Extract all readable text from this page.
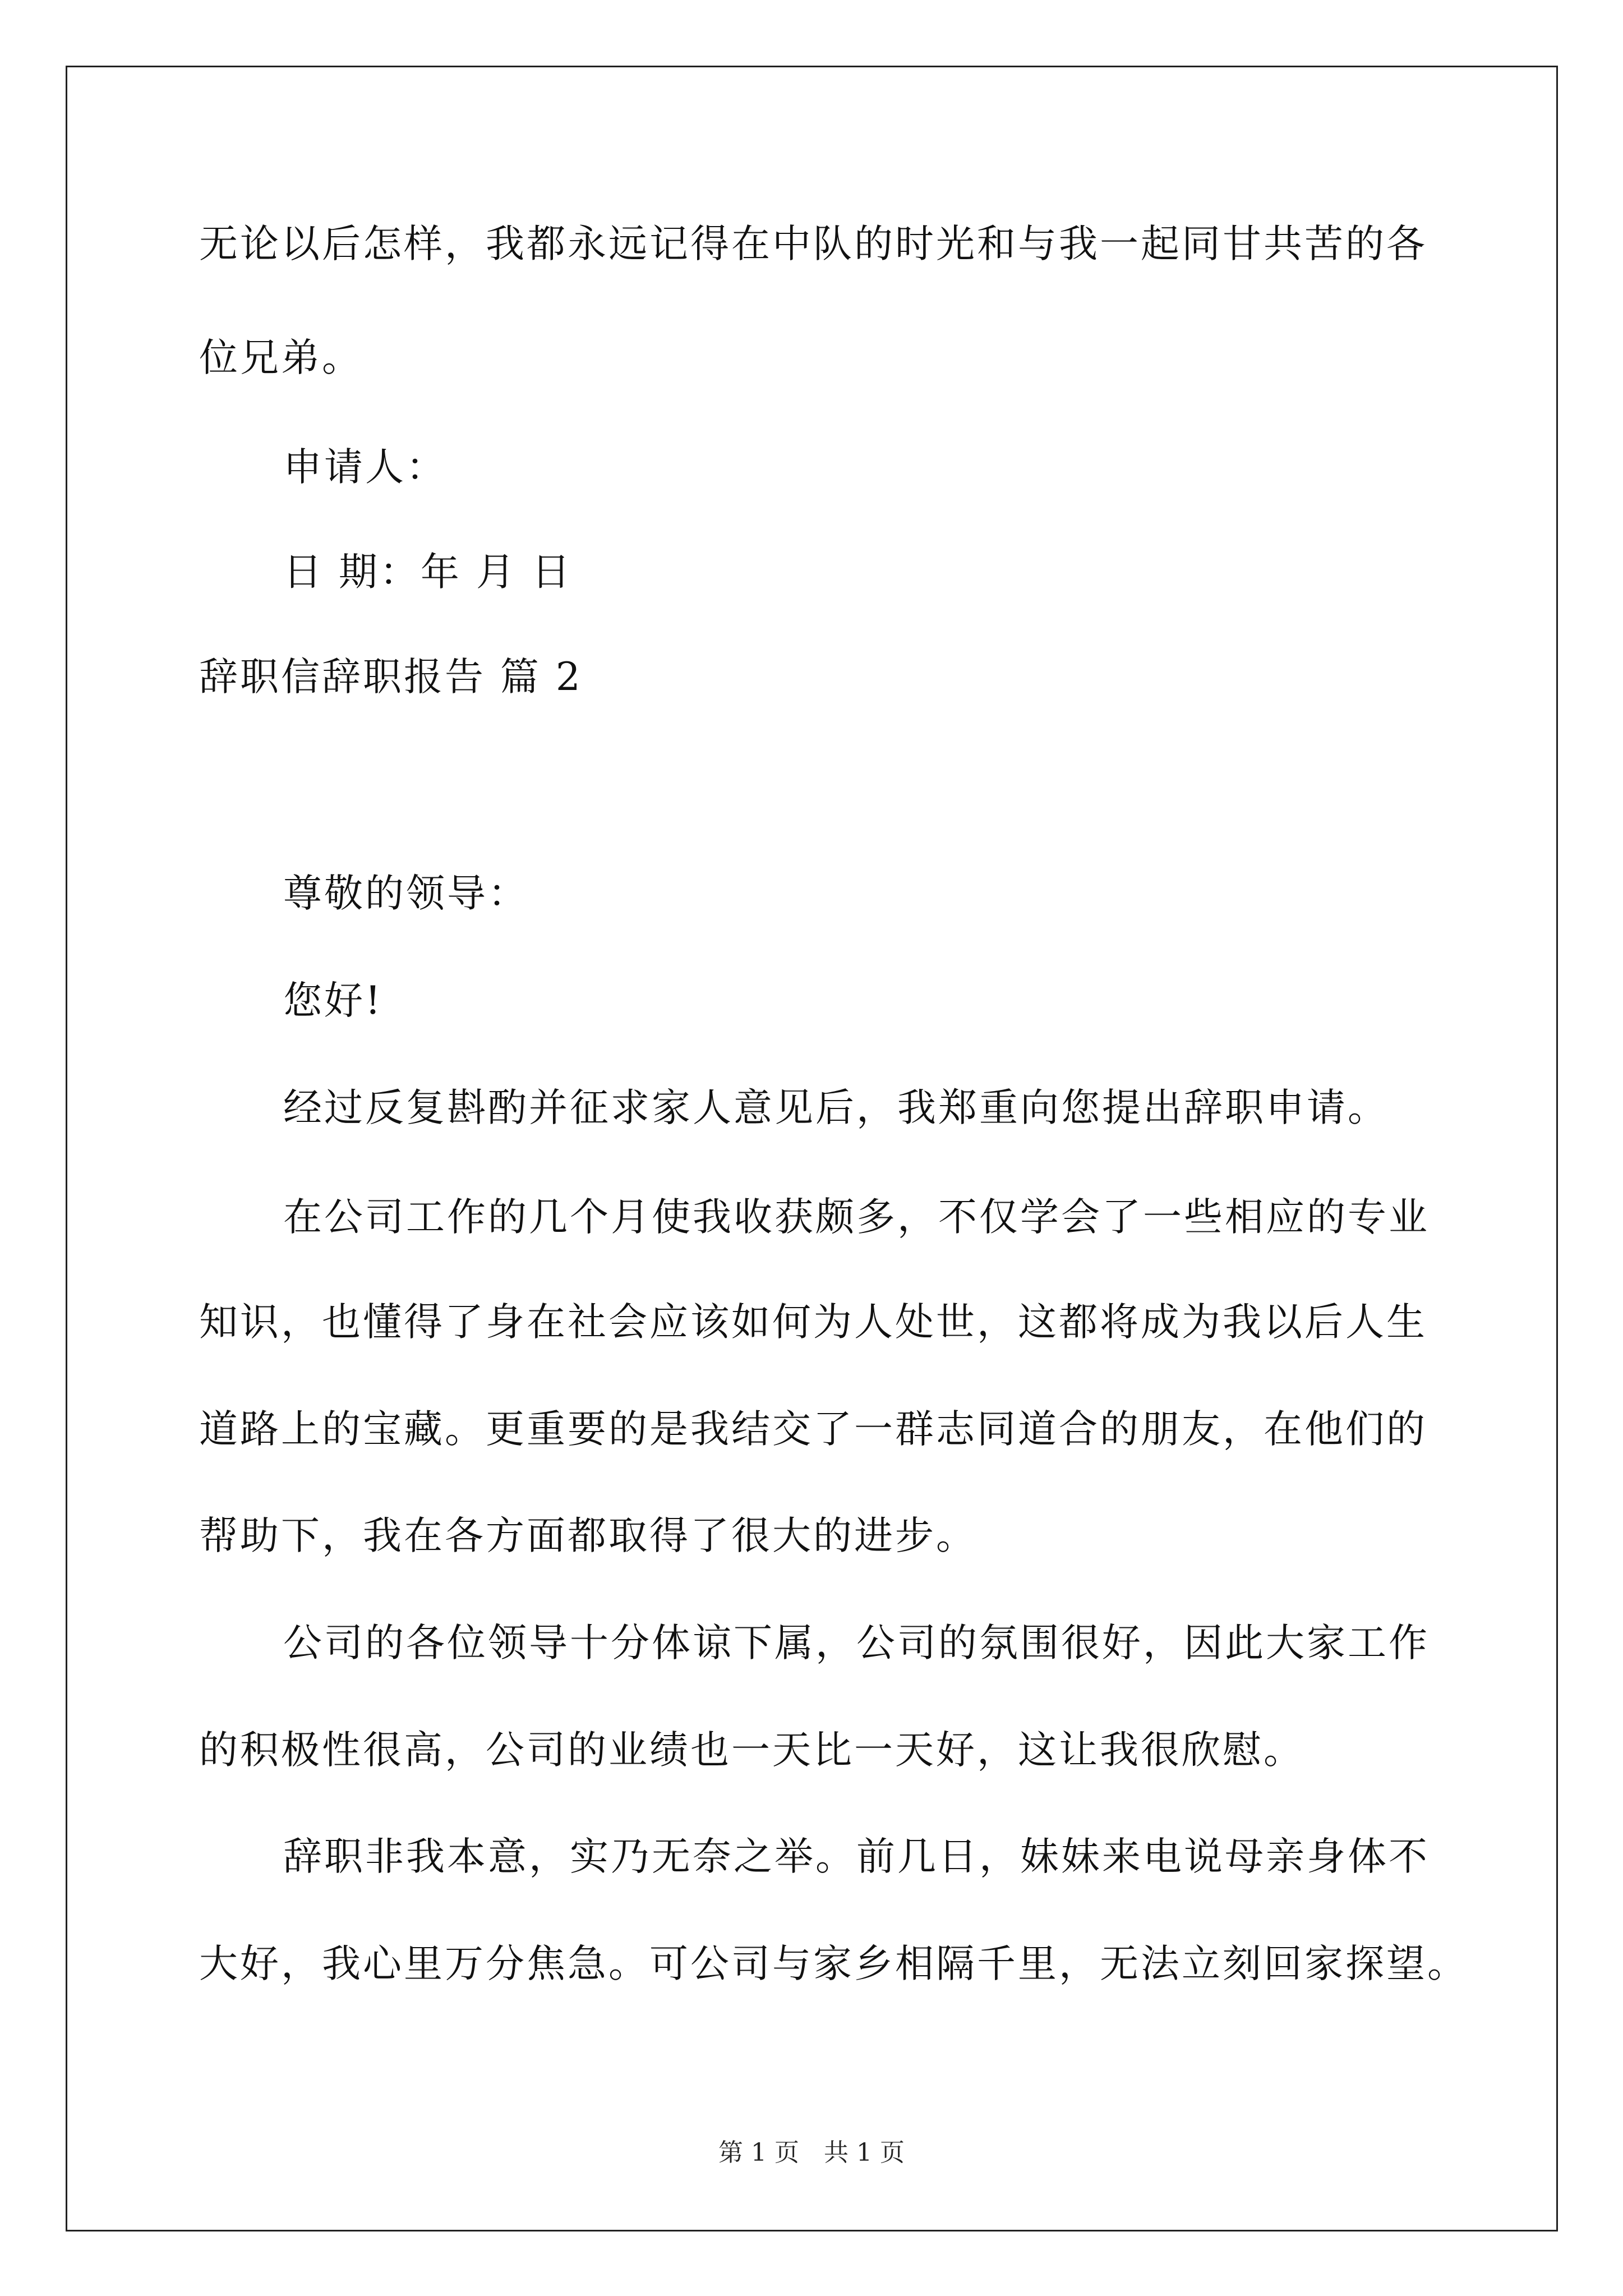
无论以后怎样，我都永远记得在中队的时光和与我一起同甘共苦的各
位兄弟。
申请人：
日 期：年 月 日
辞职信辞职报告 篇 2
尊敬的领导：
您好!
经过反复斟酌并征求家人意见后，我郑重向您提出辞职申请。
在公司工作的几个月使我收获颇多，不仅学会了一些相应的专业
知识，也懂得了身在社会应该如何为人处世，这都将成为我以后人生
道路上的宝藏。更重要的是我结交了一群志同道合的朋友，在他们的
帮助下，我在各方面都取得了很大的进步。
公司的各位领导十分体谅下属，公司的氛围很好，因此大家工作
的积极性很高，公司的业绩也一天比一天好，这让我很欣慰。
辞职非我本意，实乃无奈之举。前几日，妹妹来电说母亲身体不
大好，我心里万分焦急。可公司与家乡相隔千里，无法立刻回家探望。
第 1 页　共 1 页
